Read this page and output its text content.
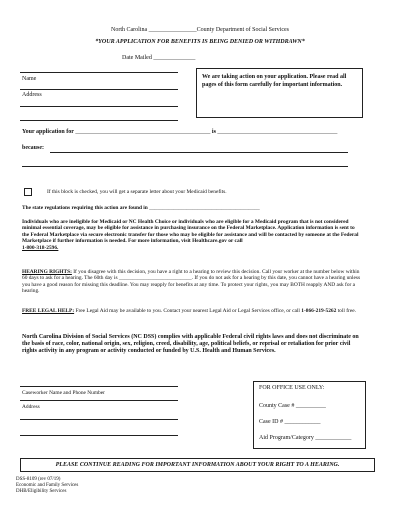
North Carolina ________________County Department of Social Services
*YOUR APPLICATION FOR BENEFITS IS BEING DENIED OR WITHDRAWN*
Date Mailed ______________
Name
Address
We are taking action on your application. Please read all pages of this form carefully for important information.
Your application for _____________________________________________ is ________________________________________
because:
If this block is checked, you will get a separate letter about your Medicaid benefits.
The state regulations requiring this action are found in _________________________________________
Individuals who are ineligible for Medicaid or NC Health Choice or individuals who are eligible for a Medicaid program that is not considered minimal essential coverage, may be eligible for assistance in purchasing insurance on the Federal Marketplace. Application information is sent to the Federal Marketplace via secure electronic transfer for those who may be eligible for assistance and will be contacted by someone at the Federal Marketplace if further information is needed. For more information, visit Healthcare.gov or call
1-800-318-2596.
HEARING RIGHTS: If you disagree with this decision, you have a right to a hearing to review this decision. Call your worker at the number below within 60 days to ask for a hearing. The 60th day is ___________________________. If you do not ask for a hearing by this date, you cannot have a hearing unless you have a good reason for missing this deadline. You may reapply for benefits at any time. To protect your rights, you may BOTH reapply AND ask for a hearing.
FREE LEGAL HELP: Free Legal Aid may be available to you. Contact your nearest Legal Aid or Legal Services office, or call 1-866-219-5262 toll free.
North Carolina Division of Social Services (NC DSS) complies with applicable Federal civil rights laws and does not discriminate on the basis of race, color, national origin, sex, religion, creed, disability, age, political beliefs, or reprisal or retaliation for prior civil rights activity in any program or activity conducted or funded by U.S. Health and Human Services.
Caseworker Name and Phone Number
Address
FOR OFFICE USE ONLY:
County Case # __________
Case ID # ____________
Aid Program/Category ____________
PLEASE CONTINUE READING FOR IMPORTANT INFORMATION ABOUT YOUR RIGHT TO A HEARING.
DSS-8109 (rev 07/19)
Economic and Family Services
DHB/Eligibility Services
